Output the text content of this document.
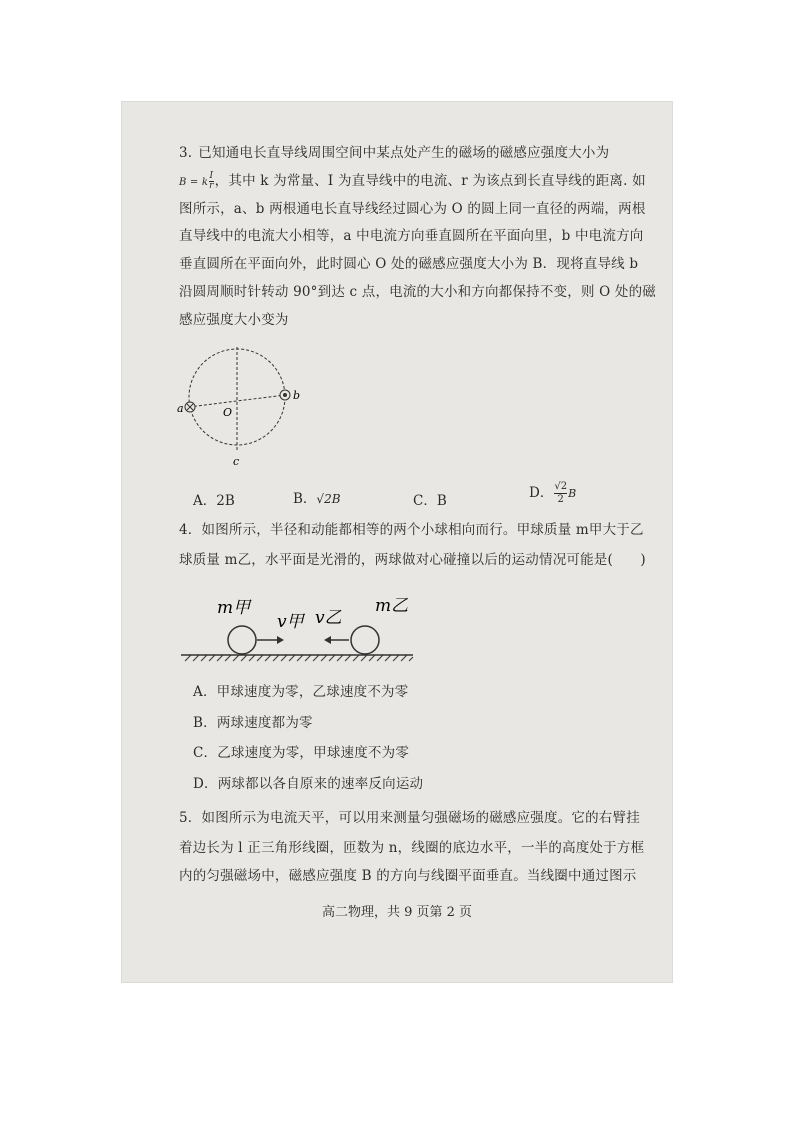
3. 已知通电长直导线周围空间中某点处产生的磁场的磁感应强度大小为
B = k $\frac{I}{r}$ ，其中 k 为常量、I 为直导线中的电流、r 为该点到长直导线的距离. 如
图所示，a、b 两根通电长直导线经过圆心为 O 的圆上同一直径的两端，两根
直导线中的电流大小相等，a 中电流方向垂直圆所在平面向里，b 中电流方向
垂直圆所在平面向外，此时圆心 O 处的磁感应强度大小为 B．现将直导线 b
沿圆周顺时针转动 90°到达 c 点，电流的大小和方向都保持不变，则 O 处的磁
感应强度大小变为
a
b
O
c
A．2B	B．√2B	C．B	D． $\frac{√2}{2}$ B
4．如图所示，半径和动能都相等的两个小球相向而行。甲球质量 m甲大于乙
球质量 m乙，水平面是光滑的，两球做对心碰撞以后的运动情况可能是(　　)
m甲
v甲 v乙
m乙
A．甲球速度为零，乙球速度不为零
B．两球速度都为零
C．乙球速度为零，甲球速度不为零
D．两球都以各自原来的速率反向运动
5．如图所示为电流天平，可以用来测量匀强磁场的磁感应强度。它的右臂挂
着边长为 l 正三角形线圈，匝数为 n，线圈的底边水平，一半的高度处于方框
内的匀强磁场中，磁感应强度 B 的方向与线圈平面垂直。当线圈中通过图示
高二物理，共 9 页第 2 页
